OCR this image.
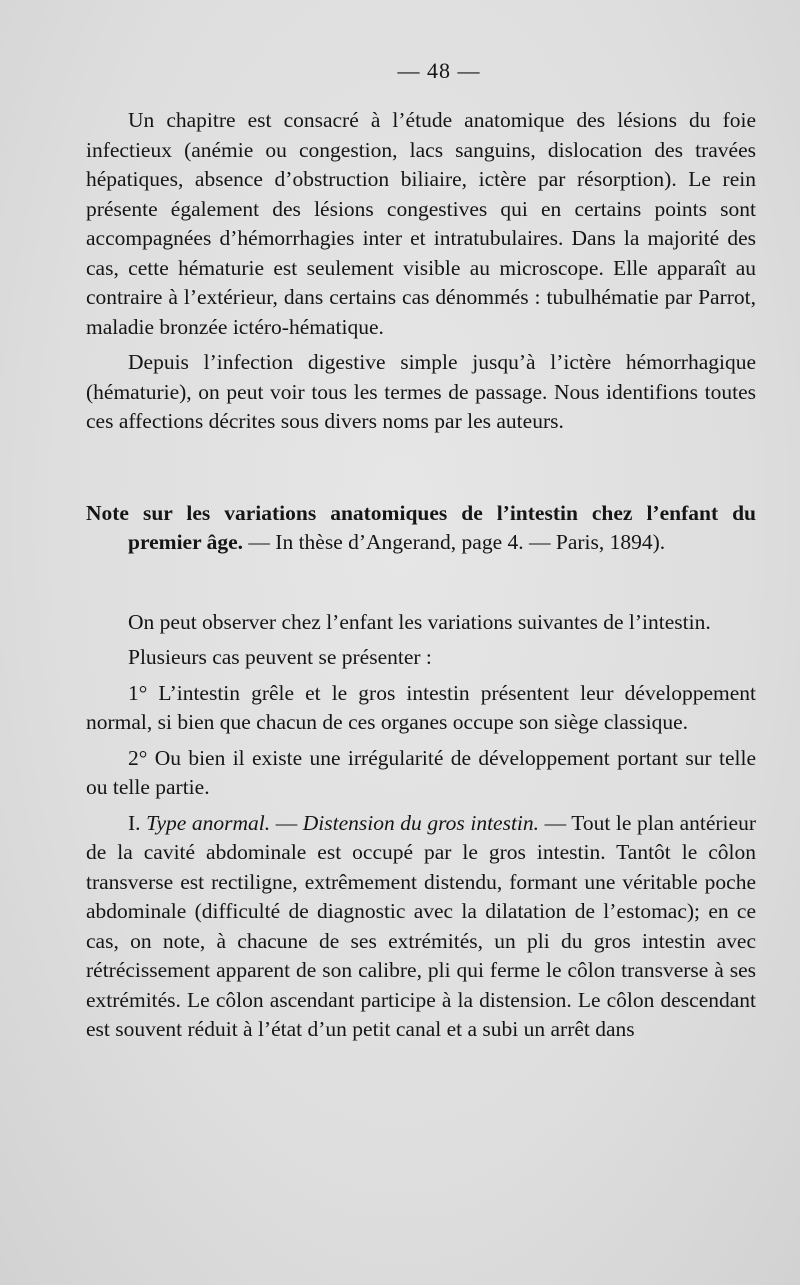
— 48 —

Un chapitre est consacré à l’étude anatomique des lésions du foie infectieux (anémie ou congestion, lacs sanguins, dislocation des travées hépatiques, absence d’obstruction biliaire, ictère par résorption). Le rein présente également des lésions congestives qui en certains points sont accompagnées d’hémorrhagies inter et intratubulaires. Dans la majorité des cas, cette hématurie est seulement visible au microscope. Elle apparaît au contraire à l’extérieur, dans certains cas dénommés : tubulhématie par Parrot, maladie bronzée ictéro-hématique.

Depuis l’infection digestive simple jusqu’à l’ictère hémorrhagique (hématurie), on peut voir tous les termes de passage. Nous identifions toutes ces affections décrites sous divers noms par les auteurs.

Note sur les variations anatomiques de l’intestin chez l’enfant du premier âge. — In thèse d’Angerand, page 4. — Paris, 1894).

On peut observer chez l’enfant les variations suivantes de l’intestin.

Plusieurs cas peuvent se présenter :

1° L’intestin grêle et le gros intestin présentent leur développement normal, si bien que chacun de ces organes occupe son siège classique.

2° Ou bien il existe une irrégularité de développement portant sur telle ou telle partie.

I. Type anormal. — Distension du gros intestin. — Tout le plan antérieur de la cavité abdominale est occupé par le gros intestin. Tantôt le côlon transverse est rectiligne, extrêmement distendu, formant une véritable poche abdominale (difficulté de diagnostic avec la dilatation de l’estomac); en ce cas, on note, à chacune de ses extrémités, un pli du gros intestin avec rétrécissement apparent de son calibre, pli qui ferme le côlon transverse à ses extrémités. Le côlon ascendant participe à la distension. Le côlon descendant est souvent réduit à l’état d’un petit canal et a subi un arrêt dans
